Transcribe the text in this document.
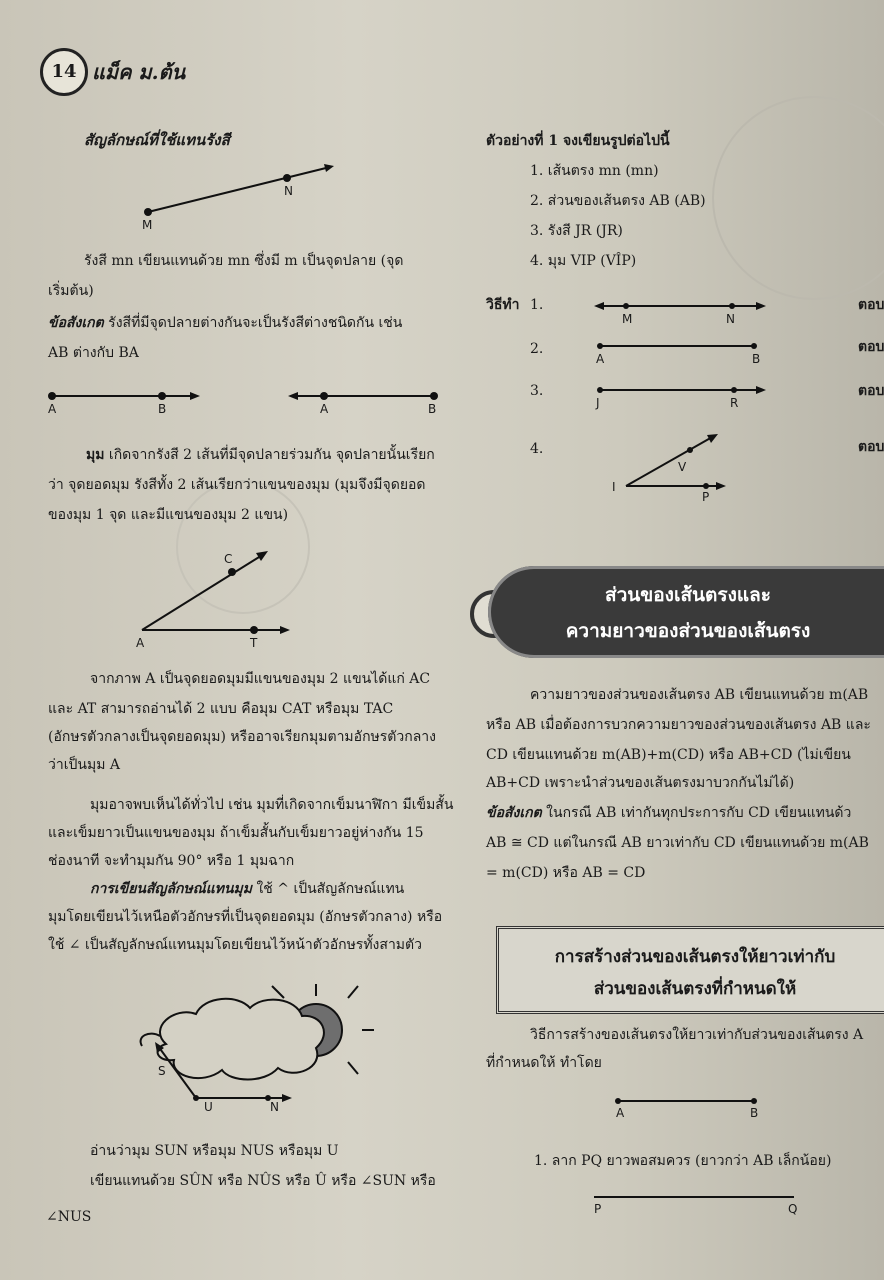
14 แม็ค ม.ต้น
สัญลักษณ์ที่ใช้แทนรังสี
M
N
รังสี mn เขียนแทนด้วย mn ซึ่งมี m เป็นจุดปลาย (จุด
เริ่มต้น)
ข้อสังเกต รังสีที่มีจุดปลายต่างกันจะเป็นรังสีต่างชนิดกัน เช่น
AB ต่างกับ BA
A	B	A	B
มุม เกิดจากรังสี 2 เส้นที่มีจุดปลายร่วมกัน จุดปลายนั้นเรียก
ว่า จุดยอดมุม รังสีทั้ง 2 เส้นเรียกว่าแขนของมุม (มุมจึงมีจุดยอด
ของมุม 1 จุด และมีแขนของมุม 2 แขน)
A
C
T
จากภาพ A เป็นจุดยอดมุมมีแขนของมุม 2 แขนได้แก่ AC
และ AT สามารถอ่านได้ 2 แบบ คือมุม CAT หรือมุม TAC
(อักษรตัวกลางเป็นจุดยอดมุม) หรืออาจเรียกมุมตามอักษรตัวกลาง
ว่าเป็นมุม A
มุมอาจพบเห็นได้ทั่วไป เช่น มุมที่เกิดจากเข็มนาฬิกา มีเข็มสั้น
และเข็มยาวเป็นแขนของมุม ถ้าเข็มสั้นกับเข็มยาวอยู่ห่างกัน 15
ช่องนาที จะทำมุมกัน 90° หรือ 1 มุมฉาก
การเขียนสัญลักษณ์แทนมุม ใช้ ^ เป็นสัญลักษณ์แทน
มุมโดยเขียนไว้เหนือตัวอักษรที่เป็นจุดยอดมุม (อักษรตัวกลาง) หรือ
ใช้ ∠ เป็นสัญลักษณ์แทนมุมโดยเขียนไว้หน้าตัวอักษรทั้งสามตัว
S
U	N
อ่านว่ามุม SUN หรือมุม NUS หรือมุม U
เขียนแทนด้วย SÛN หรือ NÛS หรือ Û หรือ ∠SUN หรือ
∠NUS
ตัวอย่างที่ 1 จงเขียนรูปต่อไปนี้
1. เส้นตรง mn (mn)
2. ส่วนของเส้นตรง AB (AB)
3. รังสี JR (JR)
4. มุม VIP (VÎP)
วิธีทำ 1.
2.
3.
4.
ตอบ
ตอบ
ตอบ
ตอบ
M	N
A	B
J	R
V
I
P
ส่วนของเส้นตรงและ
ความยาวของส่วนของเส้นตรง
ความยาวของส่วนของเส้นตรง AB เขียนแทนด้วย m(AB
หรือ AB เมื่อต้องการบวกความยาวของส่วนของเส้นตรง AB และ
CD เขียนแทนด้วย m(AB)+m(CD) หรือ AB+CD (ไม่เขียน
AB+CD เพราะนำส่วนของเส้นตรงมาบวกกันไม่ได้)
ข้อสังเกต ในกรณี AB เท่ากันทุกประการกับ CD เขียนแทนด้ว
AB ≅ CD แต่ในกรณี AB ยาวเท่ากับ CD เขียนแทนด้วย m(AB
= m(CD) หรือ AB = CD
การสร้างส่วนของเส้นตรงให้ยาวเท่ากับ
ส่วนของเส้นตรงที่กำหนดให้
วิธีการสร้างของเส้นตรงให้ยาวเท่ากับส่วนของเส้นตรง A
ที่กำหนดให้ ทำโดย
A	B
1. ลาก PQ ยาวพอสมควร (ยาวกว่า AB เล็กน้อย)
P	Q
